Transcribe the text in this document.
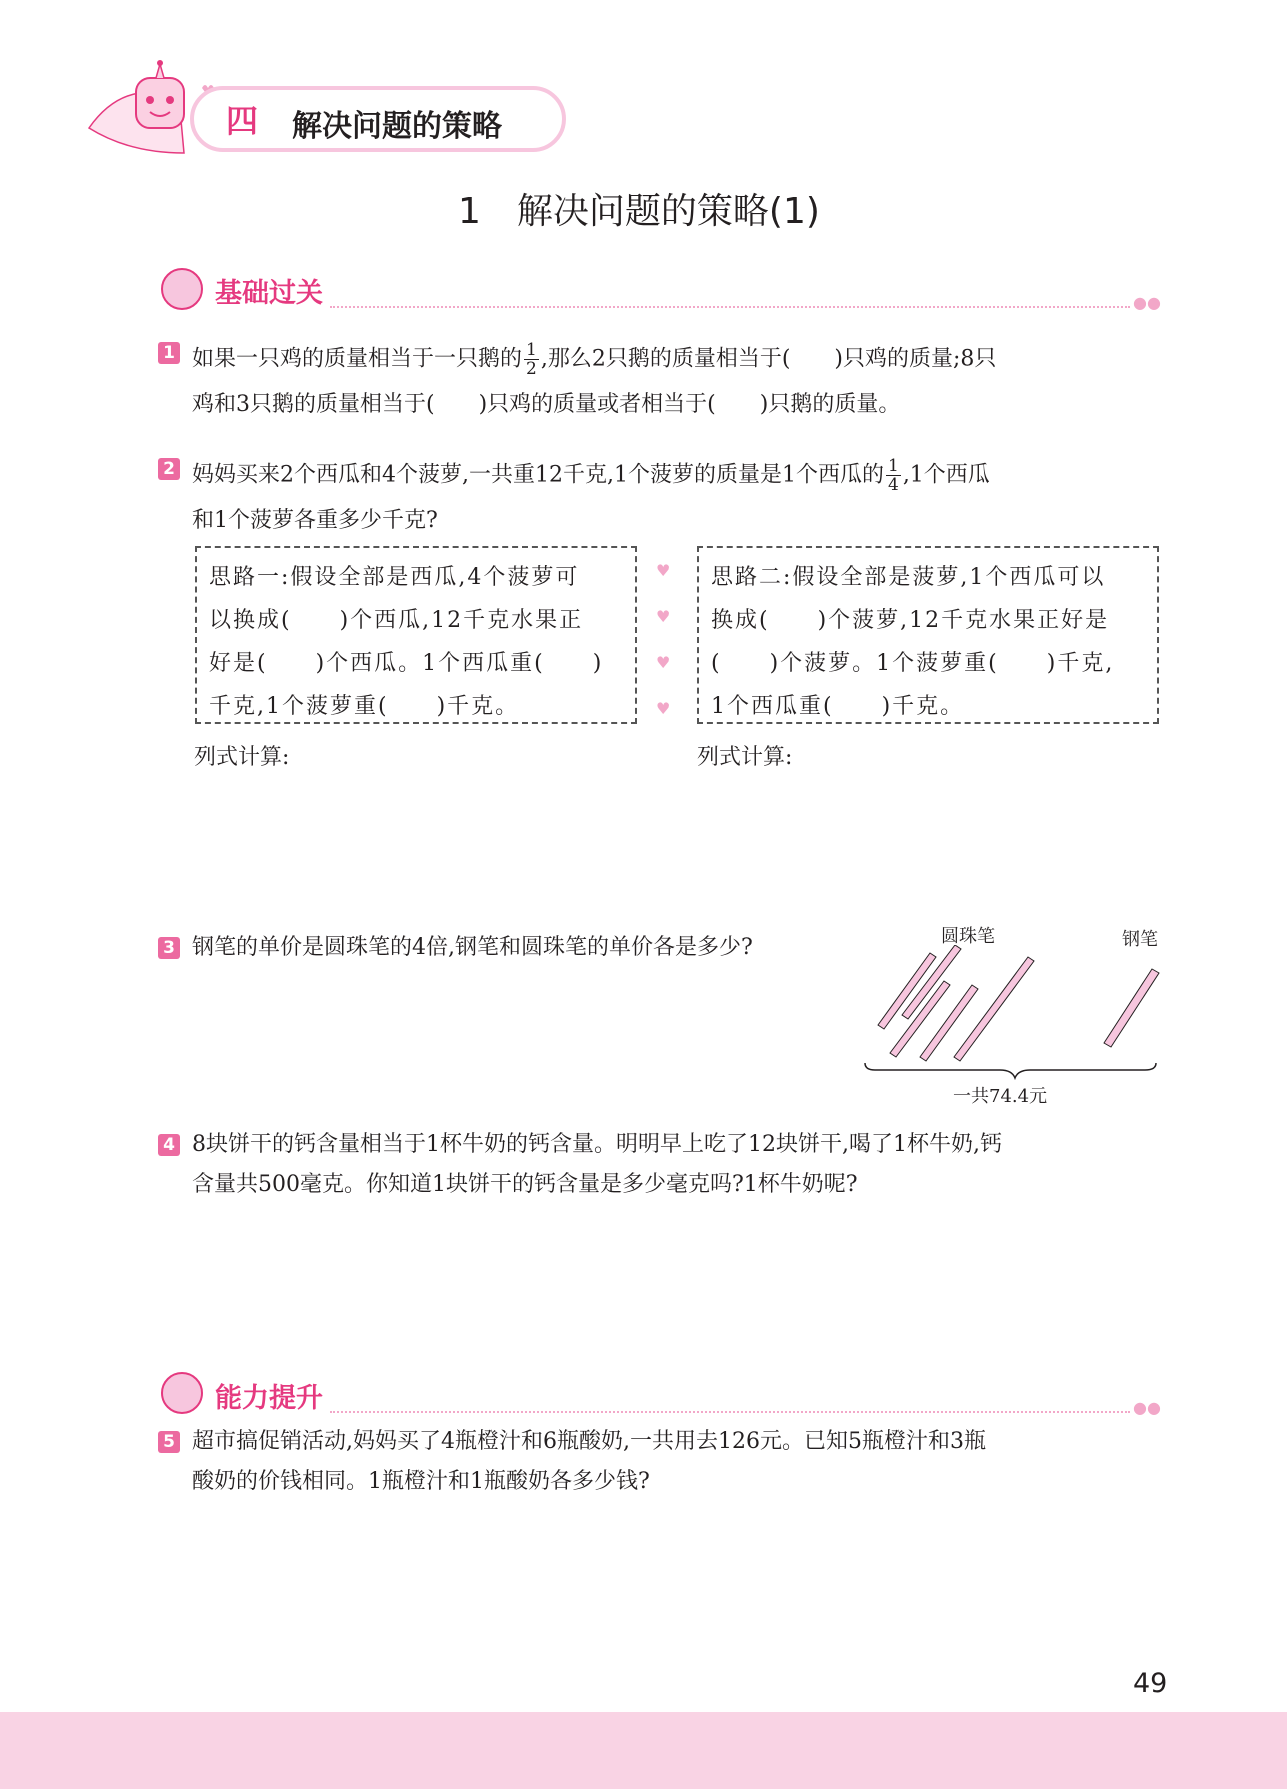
四 解决问题的策略
1　解决问题的策略(1)
基础过关	●●
1 如果一只鸡的质量相当于一只鹅的 $\frac{1}{2}$ ,那么2只鹅的质量相当于(　　)只鸡的质量;8只
鸡和3只鹅的质量相当于(　　)只鸡的质量或者相当于(　　)只鹅的质量。
2 妈妈买来2个西瓜和4个菠萝,一共重12千克,1个菠萝的质量是1个西瓜的 $\frac{1}{4} ,1$个西瓜
和1个菠萝各重多少千克?
思路一:假设全部是西瓜,4个菠萝可
以换成(　　)个西瓜,12千克水果正
好是(　　)个西瓜。1个西瓜重(　　)
千克,1个菠萝重(　　)千克。
♥
♥
♥
♥
思路二:假设全部是菠萝,1个西瓜可以
换成(　　)个菠萝,12千克水果正好是
(　　)个菠萝。1个菠萝重(　　)千克,
1个西瓜重(　　)千克。
列式计算:	列式计算:
3 钢笔的单价是圆珠笔的4倍,钢笔和圆珠笔的单价各是多少?	圆珠笔	钢笔
一共74.4元
4 8块饼干的钙含量相当于1杯牛奶的钙含量。明明早上吃了12块饼干,喝了1杯牛奶,钙
含量共500毫克。你知道1块饼干的钙含量是多少毫克吗?1杯牛奶呢?
能力提升	●●
5 超市搞促销活动,妈妈买了4瓶橙汁和6瓶酸奶,一共用去126元。已知5瓶橙汁和3瓶
酸奶的价钱相同。1瓶橙汁和1瓶酸奶各多少钱?
49
